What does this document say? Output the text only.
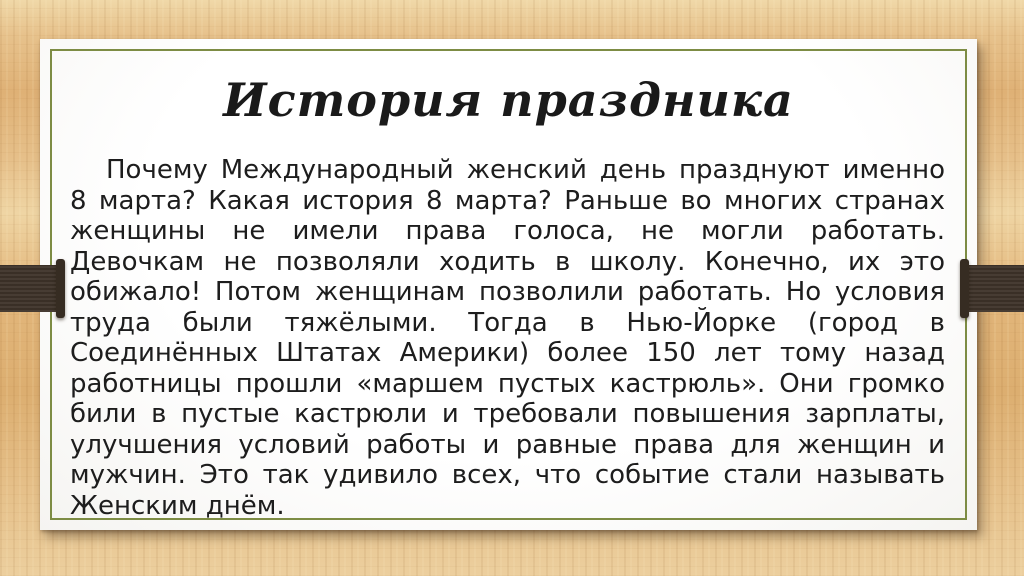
История праздника

Почему Международный женский день празднуют именно 8 марта? Какая история 8 марта? Раньше во многих странах женщины не имели права голоса, не могли работать. Девочкам не позволяли ходить в школу. Конечно, их это обижало! Потом женщинам позволили работать. Но условия труда были тяжёлыми. Тогда в Нью-Йорке (город в Соединённых Штатах Америки) более 150 лет тому назад работницы прошли «маршем пустых кастрюль». Они громко били в пустые кастрюли и требовали повышения зарплаты, улучшения условий работы и равные права для женщин и мужчин. Это так удивило всех, что событие стали называть Женским днём.
